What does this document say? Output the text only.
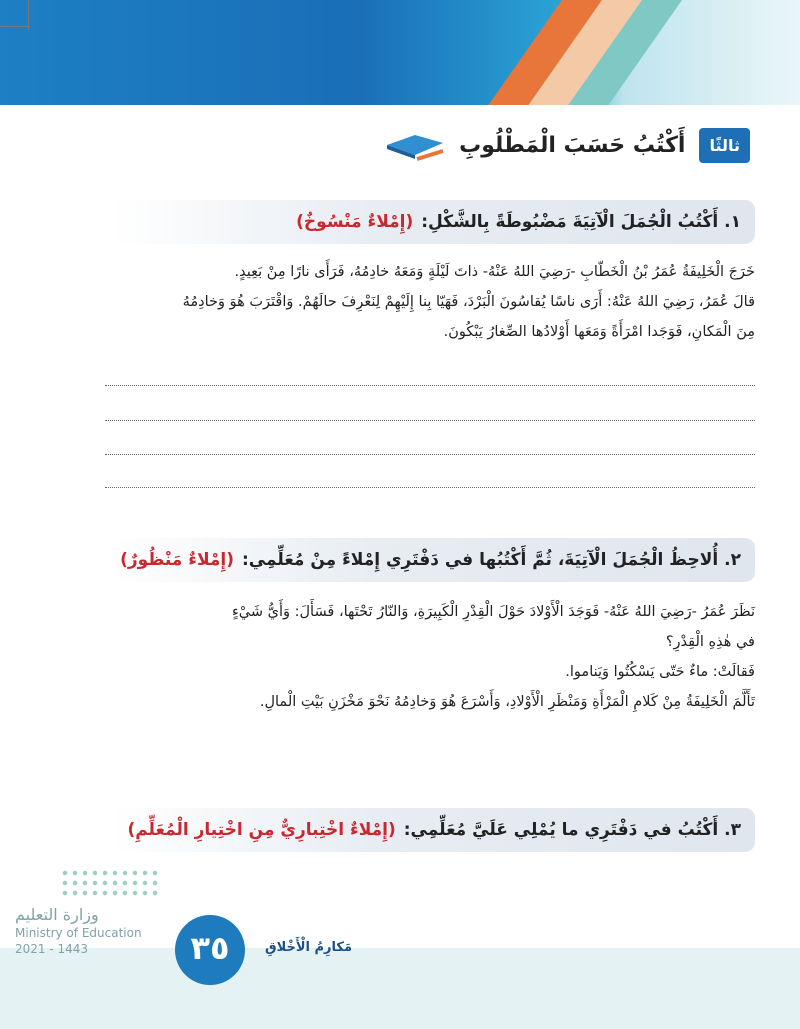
ثالثًا
أَكْتُبُ حَسَبَ الْمَطْلُوبِ
١. أَكْتُبُ الْجُمَلَ الْآتِيَةَ مَضْبُوطَةً بِالشَّكْلِ:
(إِمْلاءٌ مَنْسُوخٌ)

خَرَجَ الْخَلِيفَةُ عُمَرُ بْنُ الْخَطّابِ -رَضِيَ اللهُ عَنْهُ- ذاتَ لَيْلَةٍ وَمَعَهُ خادِمُهُ، فَرَأَى نارًا مِنْ بَعِيدٍ.

قالَ عُمَرُ، رَضِيَ اللهُ عَنْهُ: أَرَى ناسًا يُقاسُونَ الْبَرْدَ، فَهَيّا بِنا إِلَيْهِمْ لِنَعْرِفَ حالَهُمْ. وَاقْتَرَبَ هُوَ وَخادِمُهُ

مِنَ الْمَكانِ، فَوَجَدا امْرَأَةً وَمَعَها أَوْلادُها الصِّغارُ يَبْكُونَ.

٢. أُلاحِظُ الْجُمَلَ الْآتِيَةَ، ثُمَّ أَكْتُبُها في دَفْتَرِي إِمْلاءً مِنْ مُعَلِّمِي:
(إِمْلاءٌ مَنْظُورٌ)

نَظَرَ عُمَرُ -رَضِيَ اللهُ عَنْهُ- فَوَجَدَ الْأَوْلادَ حَوْلَ الْقِدْرِ الْكَبِيرَةِ، وَالنّارُ تَحْتَها، فَسَأَلَ: وَأَيُّ شَيْءٍ

في هٰذِهِ الْقِدْرِ؟

فَقالَتْ: ماءٌ حَتّى يَسْكُتُوا وَيَناموا.

تَأَلَّمَ الْخَلِيفَةُ مِنْ كَلامِ الْمَرْأَةِ وَمَنْظَرِ الْأَوْلادِ، وَأَسْرَعَ هُوَ وَخادِمُهُ نَحْوَ مَخْزَنِ بَيْتِ الْمالِ.

٣. أَكْتُبُ في دَفْتَرِي ما يُمْلِي عَلَيَّ مُعَلِّمِي:
(إِمْلاءٌ اخْتِبارِيٌّ مِنِ اخْتِيارِ الْمُعَلِّمِ)
وزارة التعليم
Ministry of Education
2021 - 1443	٣٥	مَكارِمُ الْأَخْلاقِ
